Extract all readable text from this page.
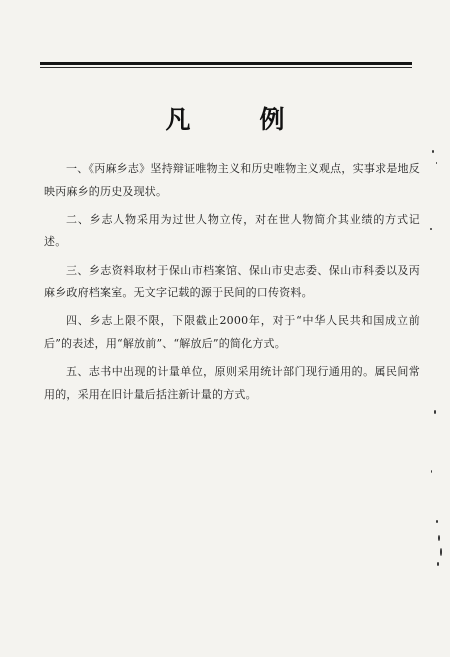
凡　例

一、《丙麻乡志》坚持辩证唯物主义和历史唯物主义观点，实事求是地反映丙麻乡的历史及现状。

二、乡志人物采用为过世人物立传，对在世人物简介其业绩的方式记述。

三、乡志资料取材于保山市档案馆、保山市史志委、保山市科委以及丙麻乡政府档案室。无文字记载的源于民间的口传资料。

四、乡志上限不限，下限截止2000年，对于“中华人民共和国成立前后”的表述，用“解放前”、“解放后”的简化方式。

五、志书中出现的计量单位，原则采用统计部门现行通用的。属民间常用的，采用在旧计量后括注新计量的方式。
